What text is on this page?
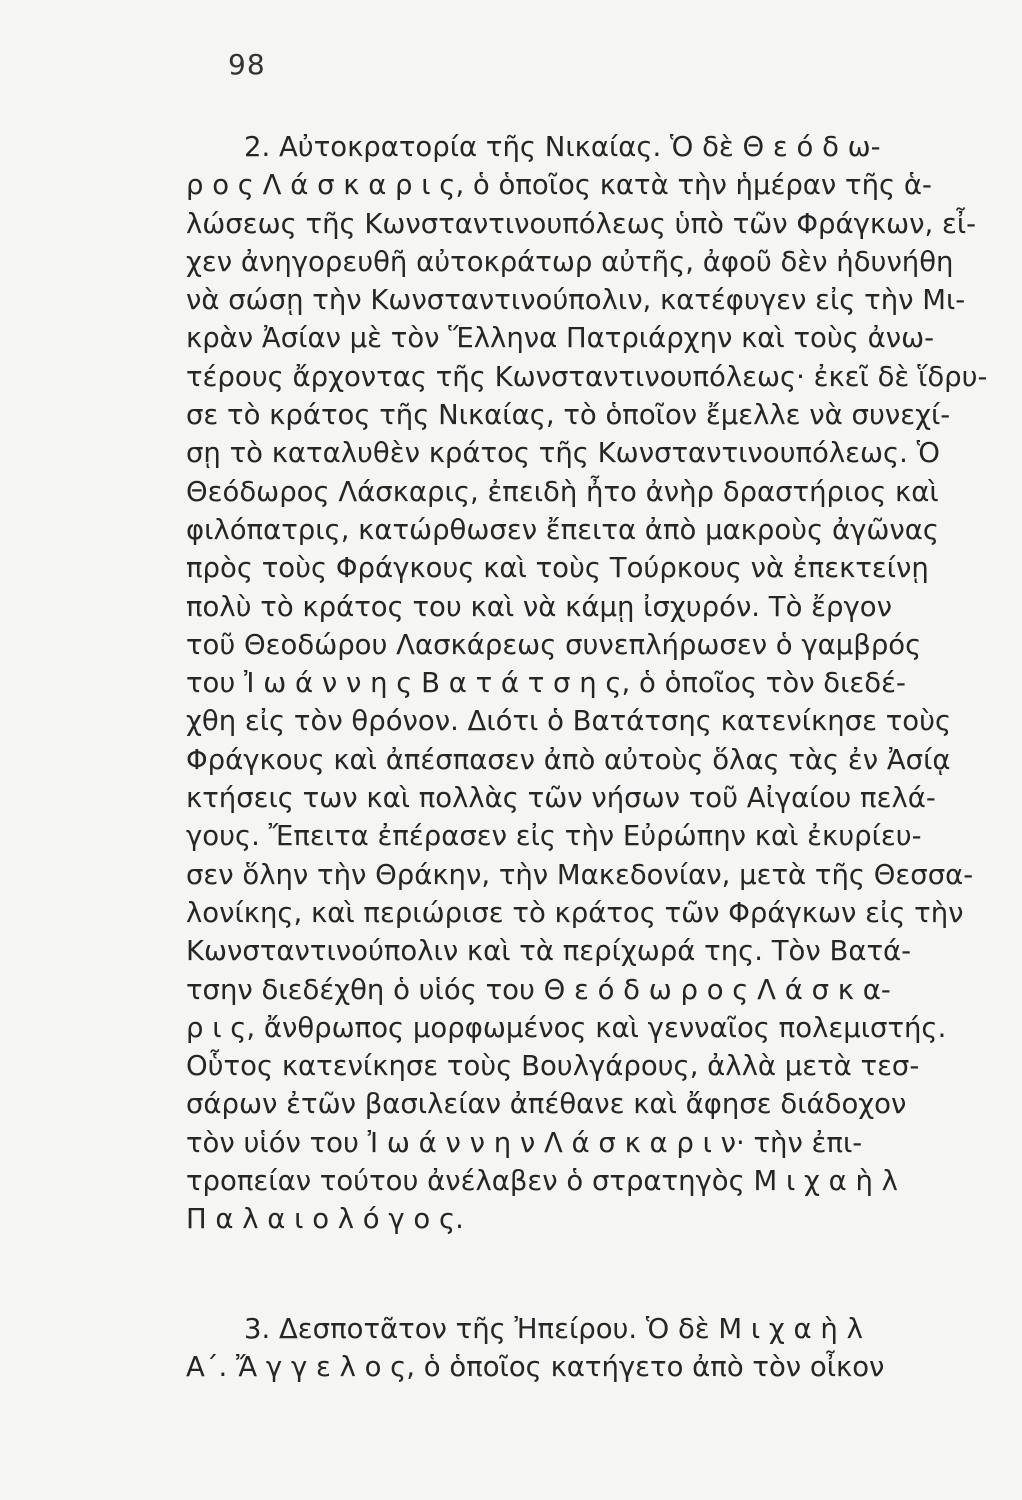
98
2. Αὐτοκρατορία τῆς Νικαίας. Ὁ δὲ Θ ε ό δ ω-
ρ ο ς Λ ά σ κ α ρ ι ς, ὁ ὁποῖος κατὰ τὴν ἡμέραν τῆς ἁ-
λώσεως τῆς Κωνσταντινουπόλεως ὑπὸ τῶν Φράγκων, εἶ-
χεν ἀνηγορευθῆ αὐτοκράτωρ αὐτῆς, ἀφοῦ δὲν ἠδυνήθη
νὰ σώσῃ τὴν Κωνσταντινούπολιν, κατέφυγεν εἰς τὴν Μι-
κρὰν Ἀσίαν μὲ τὸν Ἕλληνα Πατριάρχην καὶ τοὺς ἀνω-
τέρους ἄρχοντας τῆς Κωνσταντινουπόλεως· ἐκεῖ δὲ ἵδρυ-
σε τὸ κράτος τῆς Νικαίας, τὸ ὁποῖον ἔμελλε νὰ συνεχί-
σῃ τὸ καταλυθὲν κράτος τῆς Κωνσταντινουπόλεως. Ὁ
Θεόδωρος Λάσκαρις, ἐπειδὴ ἦτο ἀνὴρ δραστήριος καὶ
φιλόπατρις, κατώρθωσεν ἔπειτα ἀπὸ μακροὺς ἀγῶνας
πρὸς τοὺς Φράγκους καὶ τοὺς Τούρκους νὰ ἐπεκτείνῃ
πολὺ τὸ κράτος του καὶ νὰ κάμῃ ἰσχυρόν. Τὸ ἔργον
τοῦ Θεοδώρου Λασκάρεως συνεπλήρωσεν ὁ γαμβρός
του Ἰ ω ά ν ν η ς Β α τ ά τ σ η ς, ὁ ὁποῖος τὸν διεδέ-
χθη εἰς τὸν θρόνον. Διότι ὁ Βατάτσης κατενίκησε τοὺς
Φράγκους καὶ ἀπέσπασεν ἀπὸ αὐτοὺς ὅλας τὰς ἐν Ἀσίᾳ
κτήσεις των καὶ πολλὰς τῶν νήσων τοῦ Αἰγαίου πελά-
γους. Ἔπειτα ἐπέρασεν εἰς τὴν Εὐρώπην καὶ ἐκυρίευ-
σεν ὅλην τὴν Θράκην, τὴν Μακεδονίαν, μετὰ τῆς Θεσσα-
λονίκης, καὶ περιώρισε τὸ κράτος τῶν Φράγκων εἰς τὴν
Κωνσταντινούπολιν καὶ τὰ περίχωρά της. Τὸν Βατά-
τσην διεδέχθη ὁ υἱός του Θ ε ό δ ω ρ ο ς Λ ά σ κ α-
ρ ι ς, ἄνθρωπος μορφωμένος καὶ γενναῖος πολεμιστής.
Οὗτος κατενίκησε τοὺς Βουλγάρους, ἀλλὰ μετὰ τεσ-
σάρων ἐτῶν βασιλείαν ἀπέθανε καὶ ἄφησε διάδοχον
τὸν υἱόν του Ἰ ω ά ν ν η ν Λ ά σ κ α ρ ι ν· τὴν ἐπι-
τροπείαν τούτου ἀνέλαβεν ὁ στρατηγὸς Μ ι χ α ὴ λ
Π α λ α ι ο λ ό γ ο ς.
3. Δεσποτᾶτον τῆς Ἠπείρου. Ὁ δὲ Μ ι χ α ὴ λ
Α΄. Ἄ γ γ ε λ ο ς, ὁ ὁποῖος κατήγετο ἀπὸ τὸν οἶκον
